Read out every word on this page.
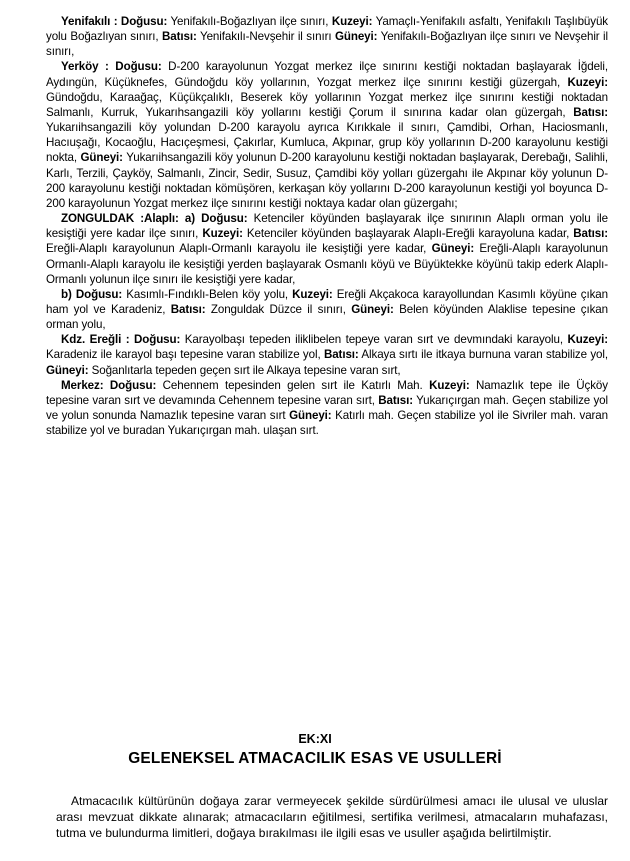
Yenifakılı : Doğusu: Yenifakılı-Boğazlıyan ilçe sınırı, Kuzeyi: Yamaçlı-Yenifakılı asfaltı, Yenifakılı Taşlıbüyük yolu Boğazlıyan sınırı, Batısı: Yenifakılı-Nevşehir il sınırı Güneyi: Yenifakılı-Boğazlıyan ilçe sınırı ve Nevşehir il sınırı,

Yerköy : Doğusu: D-200 karayolunun Yozgat merkez ilçe sınırını kestiği noktadan başlayarak İğdeli, Aydıngün, Küçüknefes, Gündoğdu köy yollarının, Yozgat merkez ilçe sınırını kestiği güzergah, Kuzeyi: Gündoğdu, Karaağaç, Küçükçalıklı, Beserek köy yollarının Yozgat merkez ilçe sınırını kestiği noktadan Salmanlı, Kurruk, Yukarıhsangazili köy yollarını kestiği Çorum il sınırına kadar olan güzergah, Batısı: Yukarıihsangazili köy yolundan D-200 karayolu ayrıca Kırıkkale il sınırı, Çamdibi, Orhan, Haciosmanlı, Hacıuşağı, Kocaoğlu, Hacıçeşmesi, Çakırlar, Kumluca, Akpınar, grup köy yollarının D-200 karayolunu kestiği nokta, Güneyi: Yukarıihsangazili köy yolunun D-200 karayolunu kestiği noktadan başlayarak, Derebağı, Salihli, Karlı, Terzili, Çayköy, Salmanlı, Zincir, Sedir, Susuz, Çamdibi köy yolları güzergahı ile Akpınar köy yolunun D-200 karayolunu kestiği noktadan kömüşören, kerkaşan köy yollarını D-200 karayolunun kestiği yol boyunca D-200 karayolunun Yozgat merkez ilçe sınırını kestiği noktaya kadar olan güzergahı;

ZONGULDAK :Alaplı: a) Doğusu: Ketenciler köyünden başlayarak ilçe sınırının Alaplı orman yolu ile kesiştiği yere kadar ilçe sınırı, Kuzeyi: Ketenciler köyünden başlayarak Alaplı-Ereğli karayoluna kadar, Batısı: Ereğli-Alaplı karayolunun Alaplı-Ormanlı karayolu ile kesiştiği yere kadar, Güneyi: Ereğli-Alaplı karayolunun Ormanlı-Alaplı karayolu ile kesiştiği yerden başlayarak Osmanlı köyü ve Büyüktekke köyünü takip ederk Alaplı-Ormanlı yolunun ilçe sınırı ile kesiştiği yere kadar,

b) Doğusu: Kasımlı-Fındıklı-Belen köy yolu, Kuzeyi: Ereğli Akçakoca karayollundan Kasımlı köyüne çıkan ham yol ve Karadeniz, Batısı: Zonguldak Düzce il sınırı, Güneyi: Belen köyünden Alaklise tepesine çıkan orman yolu,

Kdz. Ereğli : Doğusu: Karayolbaşı tepeden iliklibelen tepeye varan sırt ve devmındaki karayolu, Kuzeyi: Karadeniz ile karayol başı tepesine varan stabilize yol, Batısı: Alkaya sırtı ile itkaya burnuna varan stabilize yol, Güneyi: Soğanlıtarla tepeden geçen sırt ile Alkaya tepesine varan sırt,

Merkez: Doğusu: Cehennem tepesinden gelen sırt ile Katırlı Mah. Kuzeyi: Namazlık tepe ile Üçköy tepesine varan sırt ve devamında Cehennem tepesine varan sırt, Batısı: Yukarıçırgan mah. Geçen stabilize yol ve yolun sonunda Namazlık tepesine varan sırt Güneyi: Katırlı mah. Geçen stabilize yol ile Sivriler mah. varan stabilize yol ve buradan Yukarıçırgan mah. ulaşan sırt.

EK:XI
GELENEKSEL ATMACACILIK ESAS VE USULLERİ

Atmacacılık kültürünün doğaya zarar vermeyecek şekilde sürdürülmesi amacı ile ulusal ve uluslar arası mevzuat dikkate alınarak; atmacacıların eğitilmesi, sertifika verilmesi, atmacaların muhafazası, tutma ve bulundurma limitleri, doğaya bırakılması ile ilgili esas ve usuller aşağıda belirtilmiştir.
